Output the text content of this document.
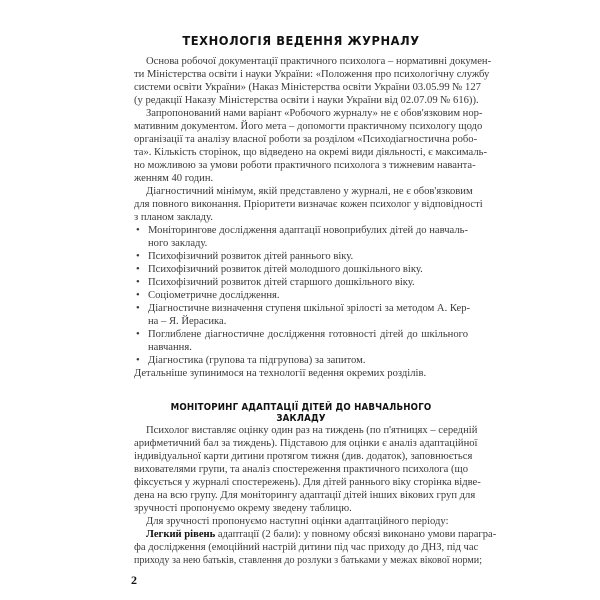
ТЕХНОЛОГІЯ ВЕДЕННЯ ЖУРНАЛУ
Основа робочої документації практичного психолога – нормативні докумен-
ти Міністерства освіти і науки України: «Положення про психологічну службу
системи освіти України» (Наказ Міністерства освіти України 03.05.99 № 127
(у редакції Наказу Міністерства освіти і науки України від 02.07.09 № 616)).
Запропонований нами варіант «Робочого журналу» не є обов'язковим нор-
мативним документом. Його мета – допомогти практичному психологу щодо
організації та аналізу власної роботи за розділом «Психодіагностична робо-
та». Кількість сторінок, що відведено на окремі види діяльності, є максималь-
но можливою за умови роботи практичного психолога з тижневим наванта-
женням 40 годин.
Діагностичний мінімум, якій представлено у журналі, не є обов'язковим
для повного виконання. Пріоритети визначає кожен психолог у відповідності
з планом закладу.
• Моніторингове дослідження адаптації новоприбулих дітей до навчаль-
ного закладу.
• Психофізичний розвиток дітей раннього віку.
• Психофізичний розвиток дітей молодшого дошкільного віку.
• Психофізичний розвиток дітей старшого дошкільного віку.
• Соціометричне дослідження.
• Діагностичне визначення ступеня шкільної зрілості за методом А. Кер-
на – Я. Йерасика.
• Поглиблене діагностичне дослідження готовності дітей до шкільного
навчання.
• Діагностика (групова та підгрупова) за запитом.
Детальніше зупинимося на технології ведення окремих розділів.
МОНІТОРИНГ АДАПТАЦІЇ ДІТЕЙ ДО НАВЧАЛЬНОГО ЗАКЛАДУ
Психолог виставляє оцінку один раз на тиждень (по п'ятницях – середній
арифметичний бал за тиждень). Підставою для оцінки є аналіз адаптаційної
індивідуальної карти дитини протягом тижня (див. додаток), заповнюється
вихователями групи, та аналіз спостереження практичного психолога (що
фіксується у журналі спостережень). Для дітей раннього віку сторінка відве-
дена на всю групу. Для моніторингу адаптації дітей інших вікових груп для
зручності пропонуємо окрему зведену таблицю.
Для зручності пропонуємо наступні оцінки адаптаційного періоду:
Легкий рівень адаптації (2 бали): у повному обсязі виконано умови парагра-
фа дослідження (емоційний настрій дитини під час приходу до ДНЗ, під час
приходу за нею батьків, ставлення до розлуки з батьками у межах вікової норми;
2
